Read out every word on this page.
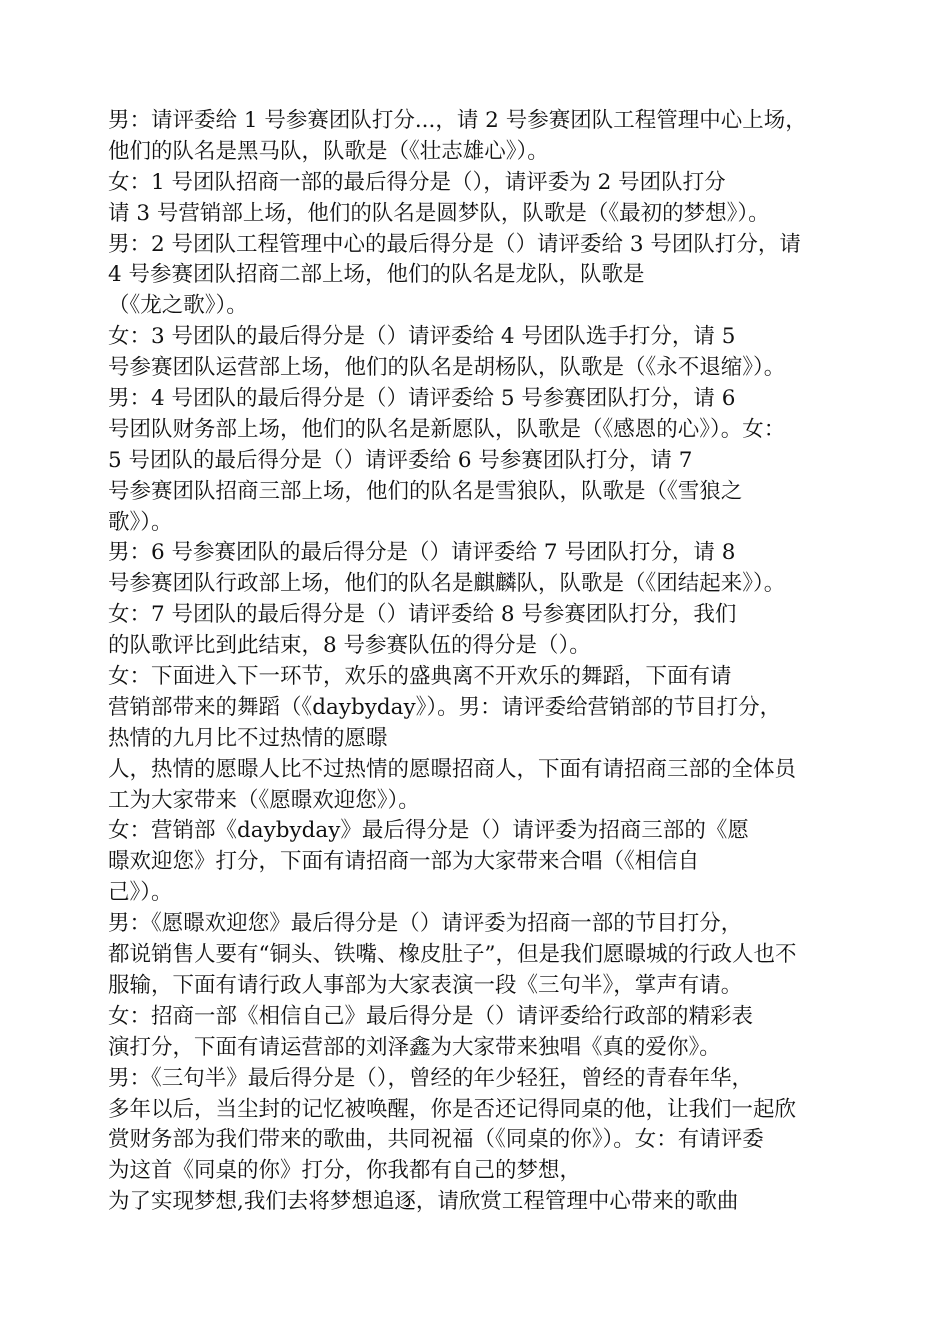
男：请评委给 1 号参赛团队打分...，请 2 号参赛团队工程管理中心上场，
他们的队名是黑马队，队歌是（《壮志雄心》）。
女：1 号团队招商一部的最后得分是（），请评委为 2 号团队打分
请 3 号营销部上场，他们的队名是圆梦队，队歌是（《最初的梦想》）。
男：2 号团队工程管理中心的最后得分是（）请评委给 3 号团队打分，请
4 号参赛团队招商二部上场，他们的队名是龙队，队歌是
（《龙之歌》）。
女：3 号团队的最后得分是（）请评委给 4 号团队选手打分，请 5
号参赛团队运营部上场，他们的队名是胡杨队，队歌是（《永不退缩》）。
男：4 号团队的最后得分是（）请评委给 5 号参赛团队打分，请 6
号团队财务部上场，他们的队名是新愿队，队歌是（《感恩的心》）。女：
5 号团队的最后得分是（）请评委给 6 号参赛团队打分，请 7
号参赛团队招商三部上场，他们的队名是雪狼队，队歌是（《雪狼之
歌》）。
男：6 号参赛团队的最后得分是（）请评委给 7 号团队打分，请 8
号参赛团队行政部上场，他们的队名是麒麟队，队歌是（《团结起来》）。
女：7 号团队的最后得分是（）请评委给 8 号参赛团队打分，我们
的队歌评比到此结束，8 号参赛队伍的得分是（）。
女：下面进入下一环节，欢乐的盛典离不开欢乐的舞蹈，下面有请
营销部带来的舞蹈（《daybyday》）。男：请评委给营销部的节目打分，
热情的九月比不过热情的愿暻
人，热情的愿暻人比不过热情的愿暻招商人，下面有请招商三部的全体员
工为大家带来（《愿暻欢迎您》）。
女：营销部《daybyday》最后得分是（）请评委为招商三部的《愿
暻欢迎您》打分，下面有请招商一部为大家带来合唱（《相信自
己》）。
男：《愿暻欢迎您》最后得分是（）请评委为招商一部的节目打分，
都说销售人要有“铜头、铁嘴、橡皮肚子”，但是我们愿暻城的行政人也不
服输，下面有请行政人事部为大家表演一段《三句半》，掌声有请。
女：招商一部《相信自己》最后得分是（）请评委给行政部的精彩表
演打分，下面有请运营部的刘泽鑫为大家带来独唱《真的爱你》。
男：《三句半》最后得分是（），曾经的年少轻狂，曾经的青春年华，
多年以后，当尘封的记忆被唤醒，你是否还记得同桌的他，让我们一起欣
赏财务部为我们带来的歌曲，共同祝福（《同桌的你》）。女：有请评委
为这首《同桌的你》打分，你我都有自己的梦想，
为了实现梦想,我们去将梦想追逐，请欣赏工程管理中心带来的歌曲
